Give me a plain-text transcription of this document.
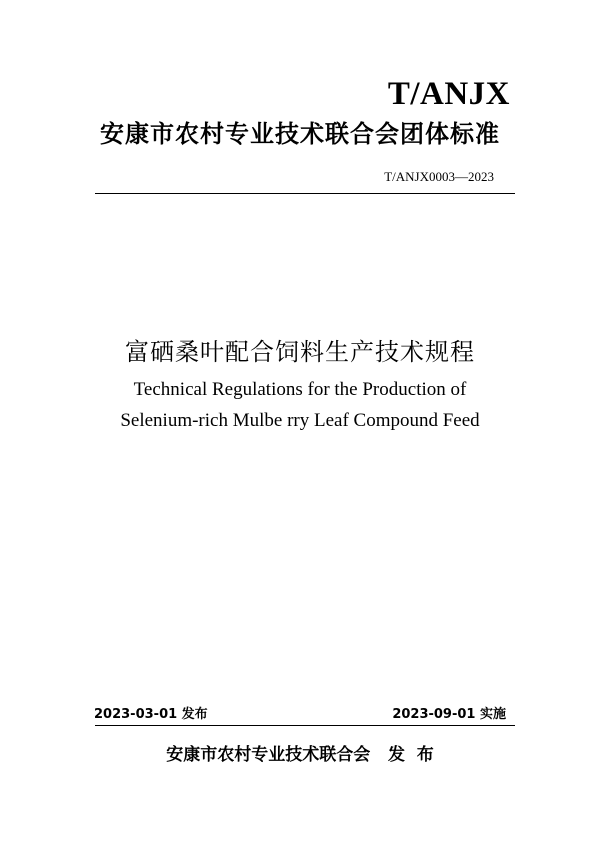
T/ANJX
安康市农村专业技术联合会团体标准
T/ANJX0003—2023
富硒桑叶配合饲料生产技术规程
Technical Regulations for the Production of
Selenium-rich Mulbe rry Leaf Compound Feed
2023-03-01 发布	2023-09-01 实施
安康市农村专业技术联合会   发  布
